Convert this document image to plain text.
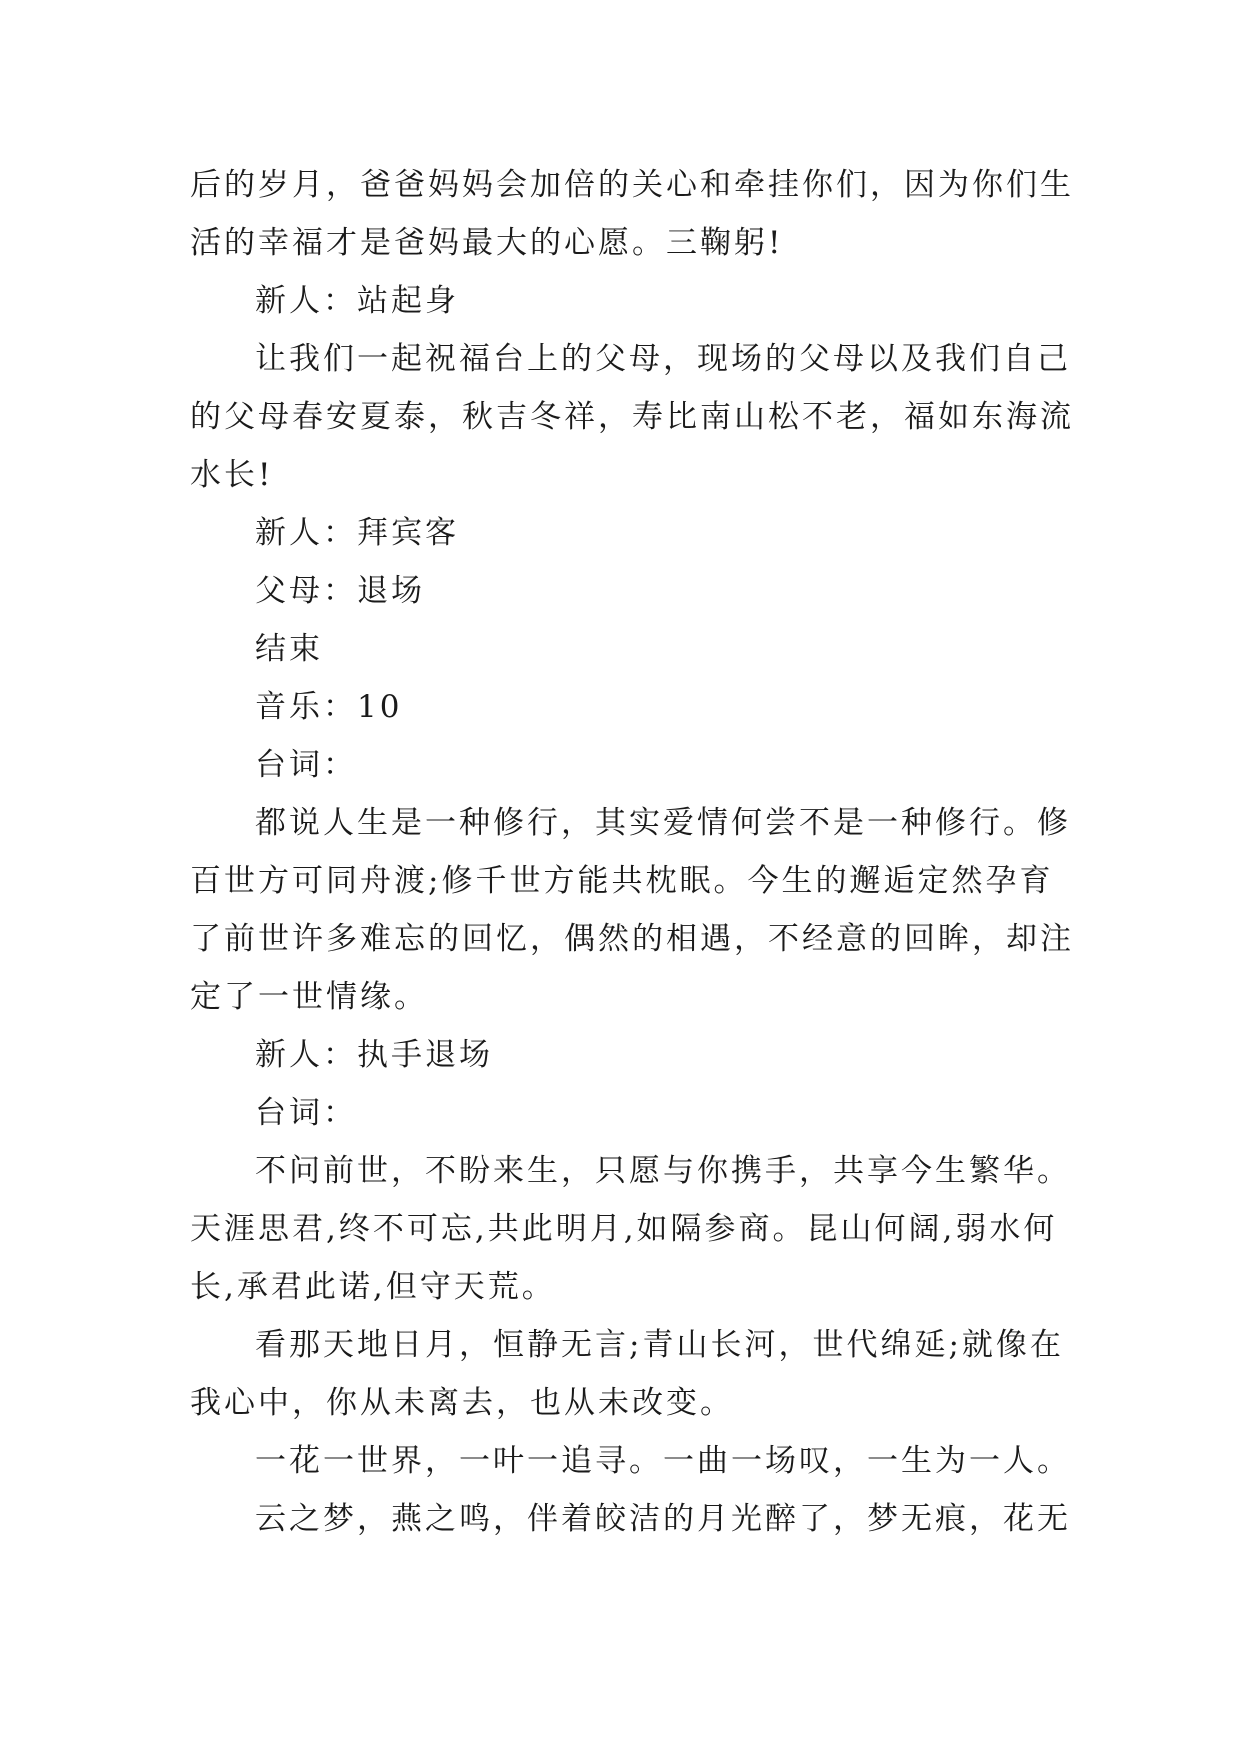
后的岁月，爸爸妈妈会加倍的关心和牵挂你们，因为你们生
活的幸福才是爸妈最大的心愿。三鞠躬!
新人：站起身
让我们一起祝福台上的父母，现场的父母以及我们自己
的父母春安夏泰，秋吉冬祥，寿比南山松不老，福如东海流
水长!
新人：拜宾客
父母：退场
结束
音乐：10
台词：
都说人生是一种修行，其实爱情何尝不是一种修行。修
百世方可同舟渡;修千世方能共枕眠。今生的邂逅定然孕育
了前世许多难忘的回忆，偶然的相遇，不经意的回眸，却注
定了一世情缘。
新人：执手退场
台词：
不问前世，不盼来生，只愿与你携手，共享今生繁华。
天涯思君,终不可忘,共此明月,如隔参商。昆山何阔,弱水何
长,承君此诺,但守天荒。
看那天地日月，恒静无言;青山长河，世代绵延;就像在
我心中，你从未离去，也从未改变。
一花一世界，一叶一追寻。一曲一场叹，一生为一人。
云之梦，燕之鸣，伴着皎洁的月光醉了，梦无痕，花无
